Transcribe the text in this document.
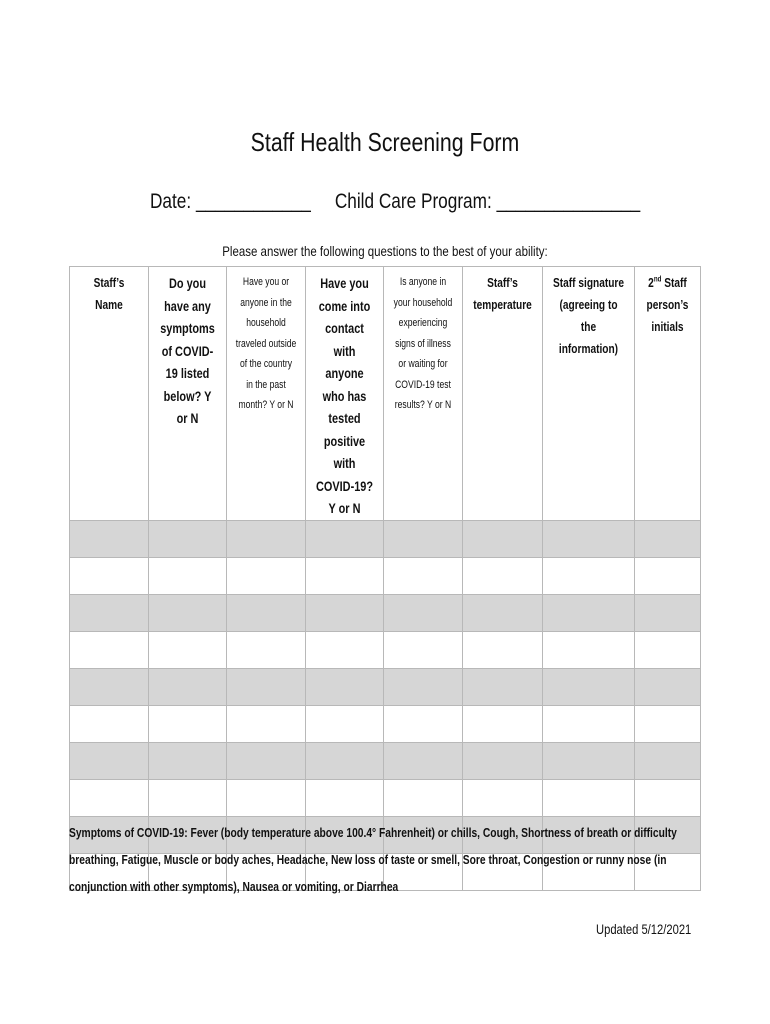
Staff Health Screening Form
Date: ____________ Child Care Program: _______________
Please answer the following questions to the best of your ability:
Staff’s Name	Do you have any symptoms of COVID-19 listed below? Y or N	Have you or anyone in the household traveled outside of the country in the past month? Y or N	Have you come into contact with anyone who has tested positive with COVID-19? Y or N	Is anyone in your household experiencing signs of illness or waiting for COVID-19 test results? Y or N	Staff’s temperature	Staff signature (agreeing to the information)	2nd Staff person’s initials

Symptoms of COVID-19: Fever (body temperature above 100.4° Fahrenheit) or chills, Cough, Shortness of breath or difficulty breathing, Fatigue, Muscle or body aches, Headache, New loss of taste or smell, Sore throat, Congestion or runny nose (in conjunction with other symptoms), Nausea or vomiting, or Diarrhea
Updated 5/12/2021
